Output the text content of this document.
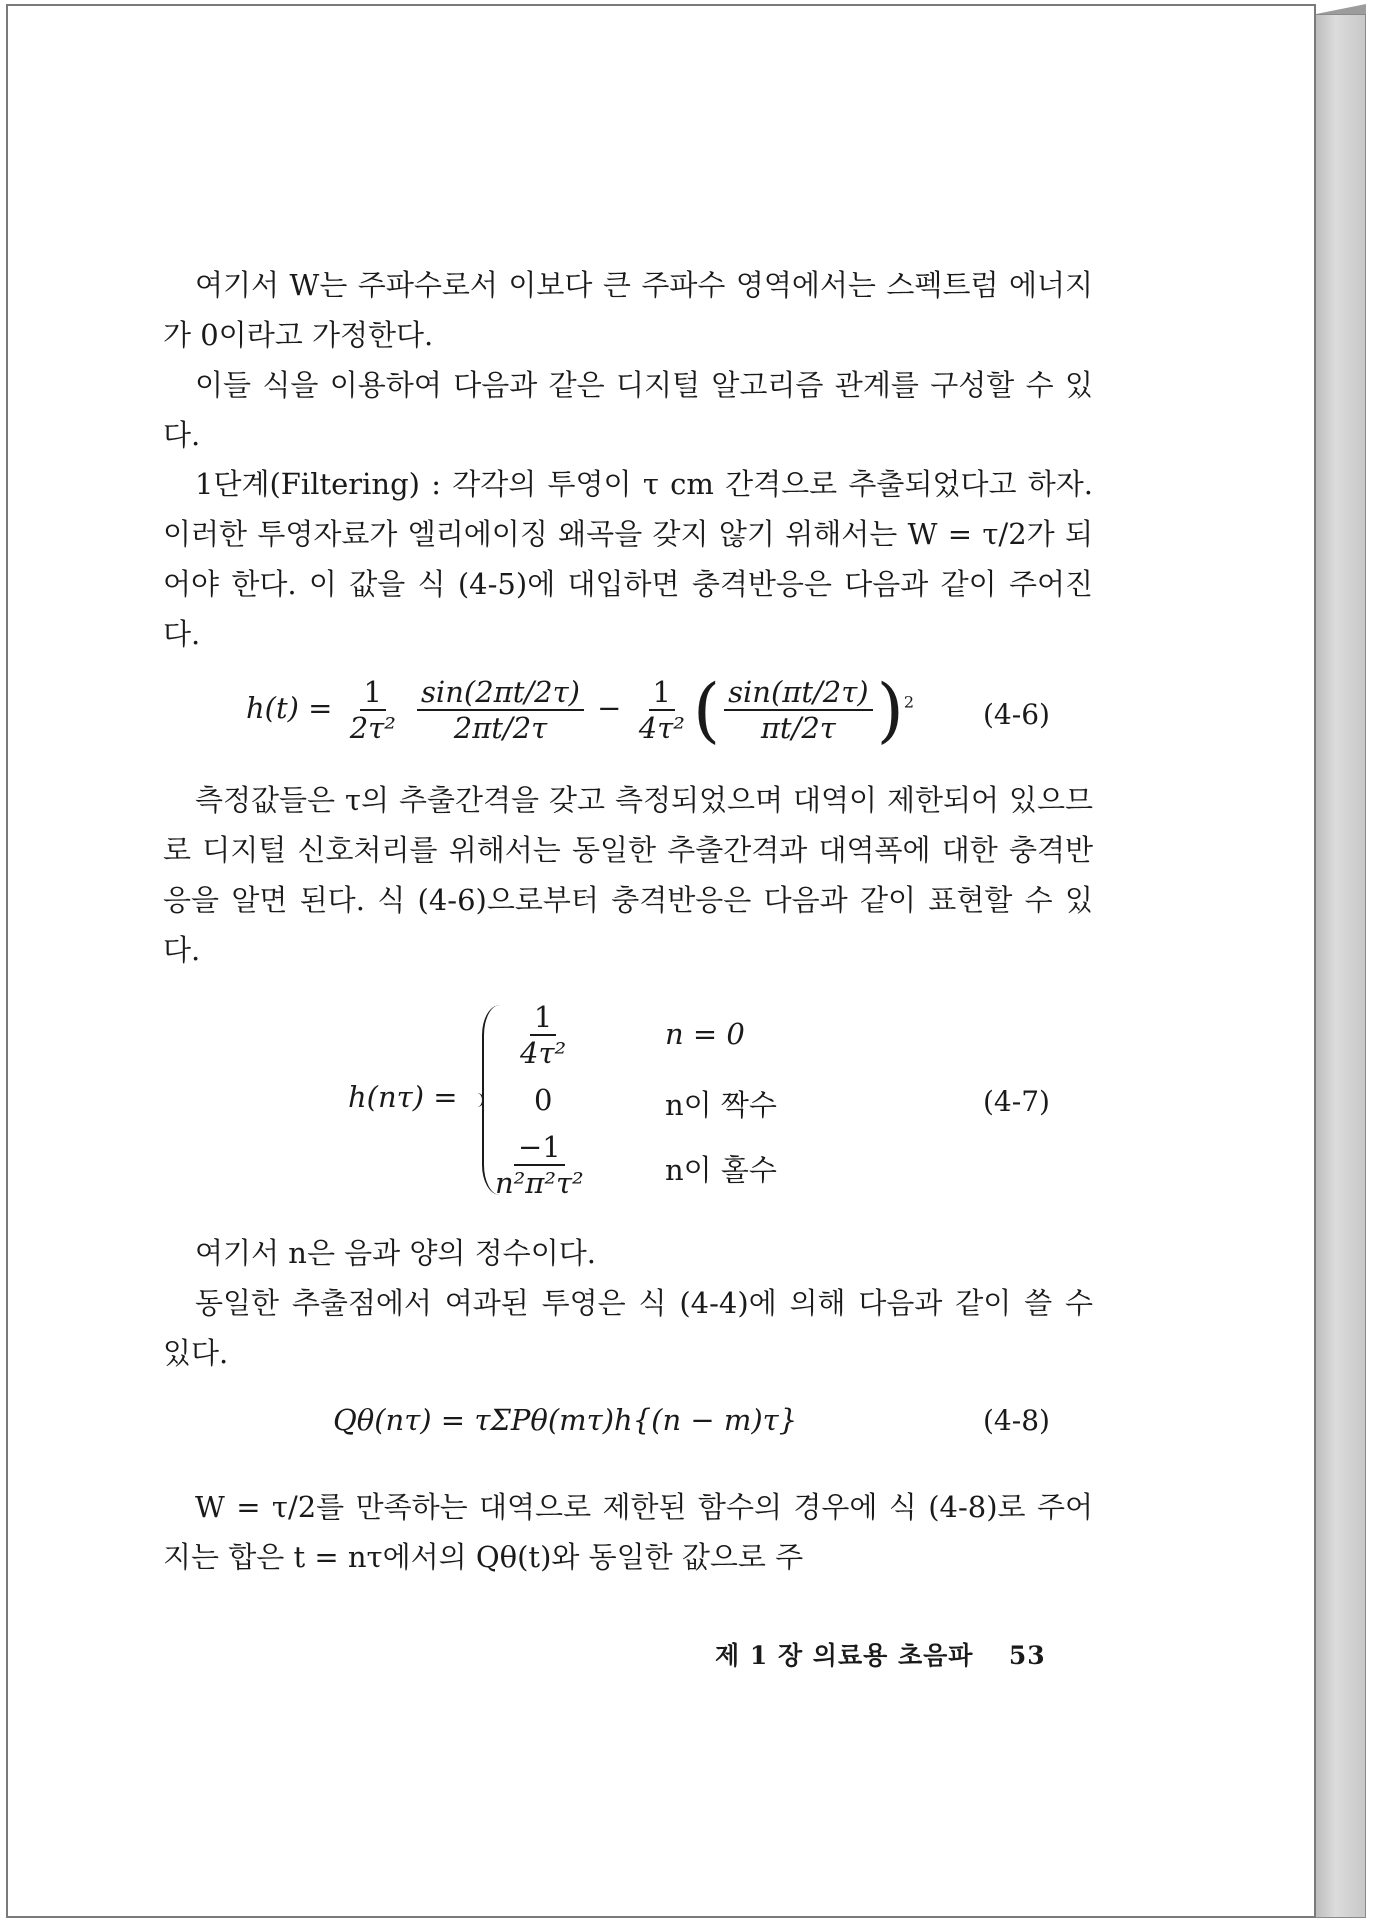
여기서 W는 주파수로서 이보다 큰 주파수 영역에서는 스펙트럼 에너지가 0이라고 가정한다.

이들 식을 이용하여 다음과 같은 디지털 알고리즘 관계를 구성할 수 있다.

1단계(Filtering) : 각각의 투영이 τ cm 간격으로 추출되었다고 하자. 이러한 투영자료가 엘리에이징 왜곡을 갖지 않기 위해서는 W = τ/2가 되어야 한다. 이 값을 식 (4-5)에 대입하면 충격반응은 다음과 같이 주어진다.

$h(t) = \frac{1}{\text{2τ²}}$
$\frac{\sin(2\pi t/2\tau)}{2\pi t/2\tau} - \frac{1}{\text{4τ²}}$ ( $\frac{\sin(\pi t/2\tau)}{\pi t/2\tau} )^2$ (4-6)

측정값들은 τ의 추출간격을 갖고 측정되었으며 대역이 제한되어 있으므로 디지털 신호처리를 위해서는 동일한 추출간격과 대역폭에 대한 충격반응을 알면 된다. 식 (4-6)으로부터 충격반응은 다음과 같이 표현할 수 있다.

h(nτ) =
$\frac{1}{\text{4τ²}}$	n = 0
0	n이 짝수
$\frac{-1}{\text{n²π²τ²}}$	n이 홀수
(4-7)

여기서 n은 음과 양의 정수이다.

동일한 추출점에서 여과된 투영은 식 (4-4)에 의해 다음과 같이 쓸 수 있다.

Qθ(nτ) = τΣPθ(mτ)h{(n − m)τ}	(4-8)

W = τ/2를 만족하는 대역으로 제한된 함수의 경우에 식 (4-8)로 주어지는 합은 t = nτ에서의 Qθ(t)와 동일한 값으로 주

제 1 장 의료용 초음파 53
